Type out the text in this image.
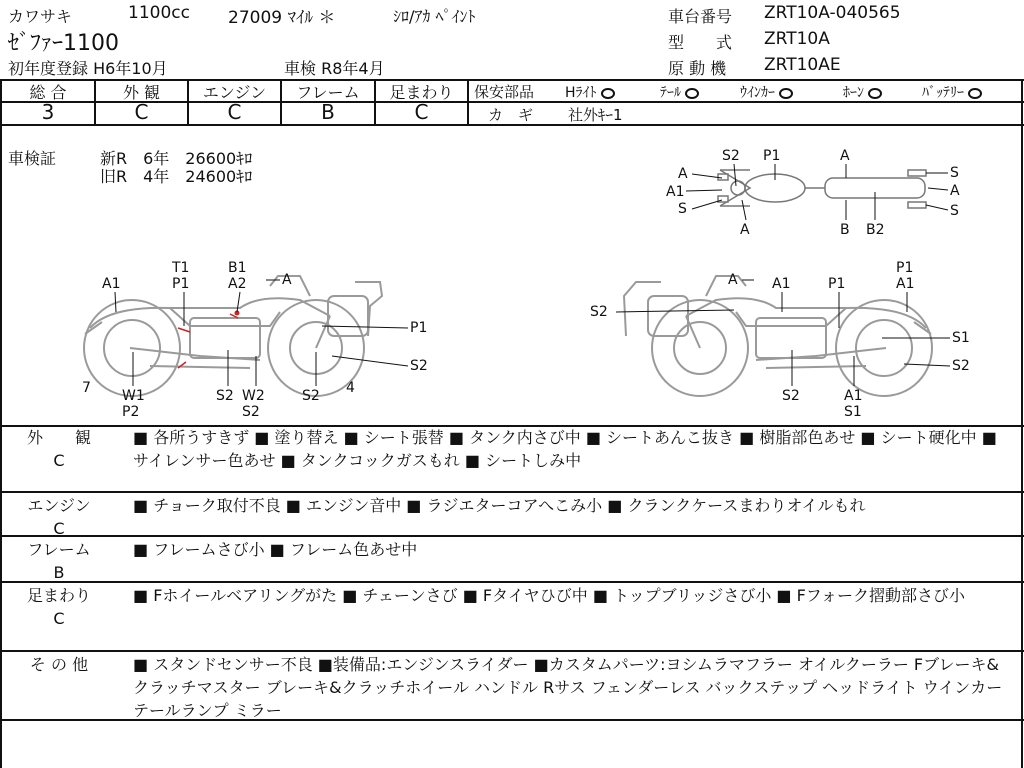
カワサキ	1100cc 27009 ﾏｲﾙ ＊	ｼﾛ/ｱｶ ﾍﾟｲﾝﾄ	車台番号 ZRT10A-040565
ｾﾞﾌｧｰ1100	型　　式 ZRT10A
初年度登録 H6年10月	車検 R8年4月	原 動 機 ZRT10AE
総 合	外 観	エンジン	フレーム	足まわり
3	C	C	B	C
保安部品 Hﾗｲﾄ	ﾃｰﾙ	ｳｲﾝｶｰ	ﾎｰﾝ	ﾊﾞｯﾃﾘｰ
カ　ギ 社外ｷｰ1
車検証	新R　6年　26600ｷﾛ
旧R　4年　24600ｷﾛ	A
A1
S
S2 P1
A
A
B B2
S
A
S
T1
P1
A1
B1
A2	A
P1
S2
7 W1
P2
S2 W2
S2
S2 4
A A1	P1
P1
A1
S2
S1
S2
S2	A1
S1
外　　観
C
■ 各所うすきず ■ 塗り替え ■ シート張替 ■ タンク内さび中 ■ シートあんこ抜き ■ 樹脂部色あせ ■ シート硬化中 ■ サイレンサー色あせ ■ タンクコックガスもれ ■ シートしみ中
エンジン
C
■ チョーク取付不良 ■ エンジン音中 ■ ラジエターコアへこみ小 ■ クランクケースまわりオイルもれ
フレーム
B
■ フレームさび小 ■ フレーム色あせ中
足まわり
C
■ Fホイールベアリングがた ■ チェーンさび ■ Fタイヤひび中 ■ トップブリッジさび小 ■ Fフォーク摺動部さび小
そ の 他	■ スタンドセンサー不良 ■装備品:エンジンスライダー ■カスタムパーツ:ヨシムラマフラー オイルクーラー Fブレーキ&クラッチマスター ブレーキ&クラッチホイール ハンドル Rサス フェンダーレス バックステップ ヘッドライト ウインカー テールランプ ミラー
